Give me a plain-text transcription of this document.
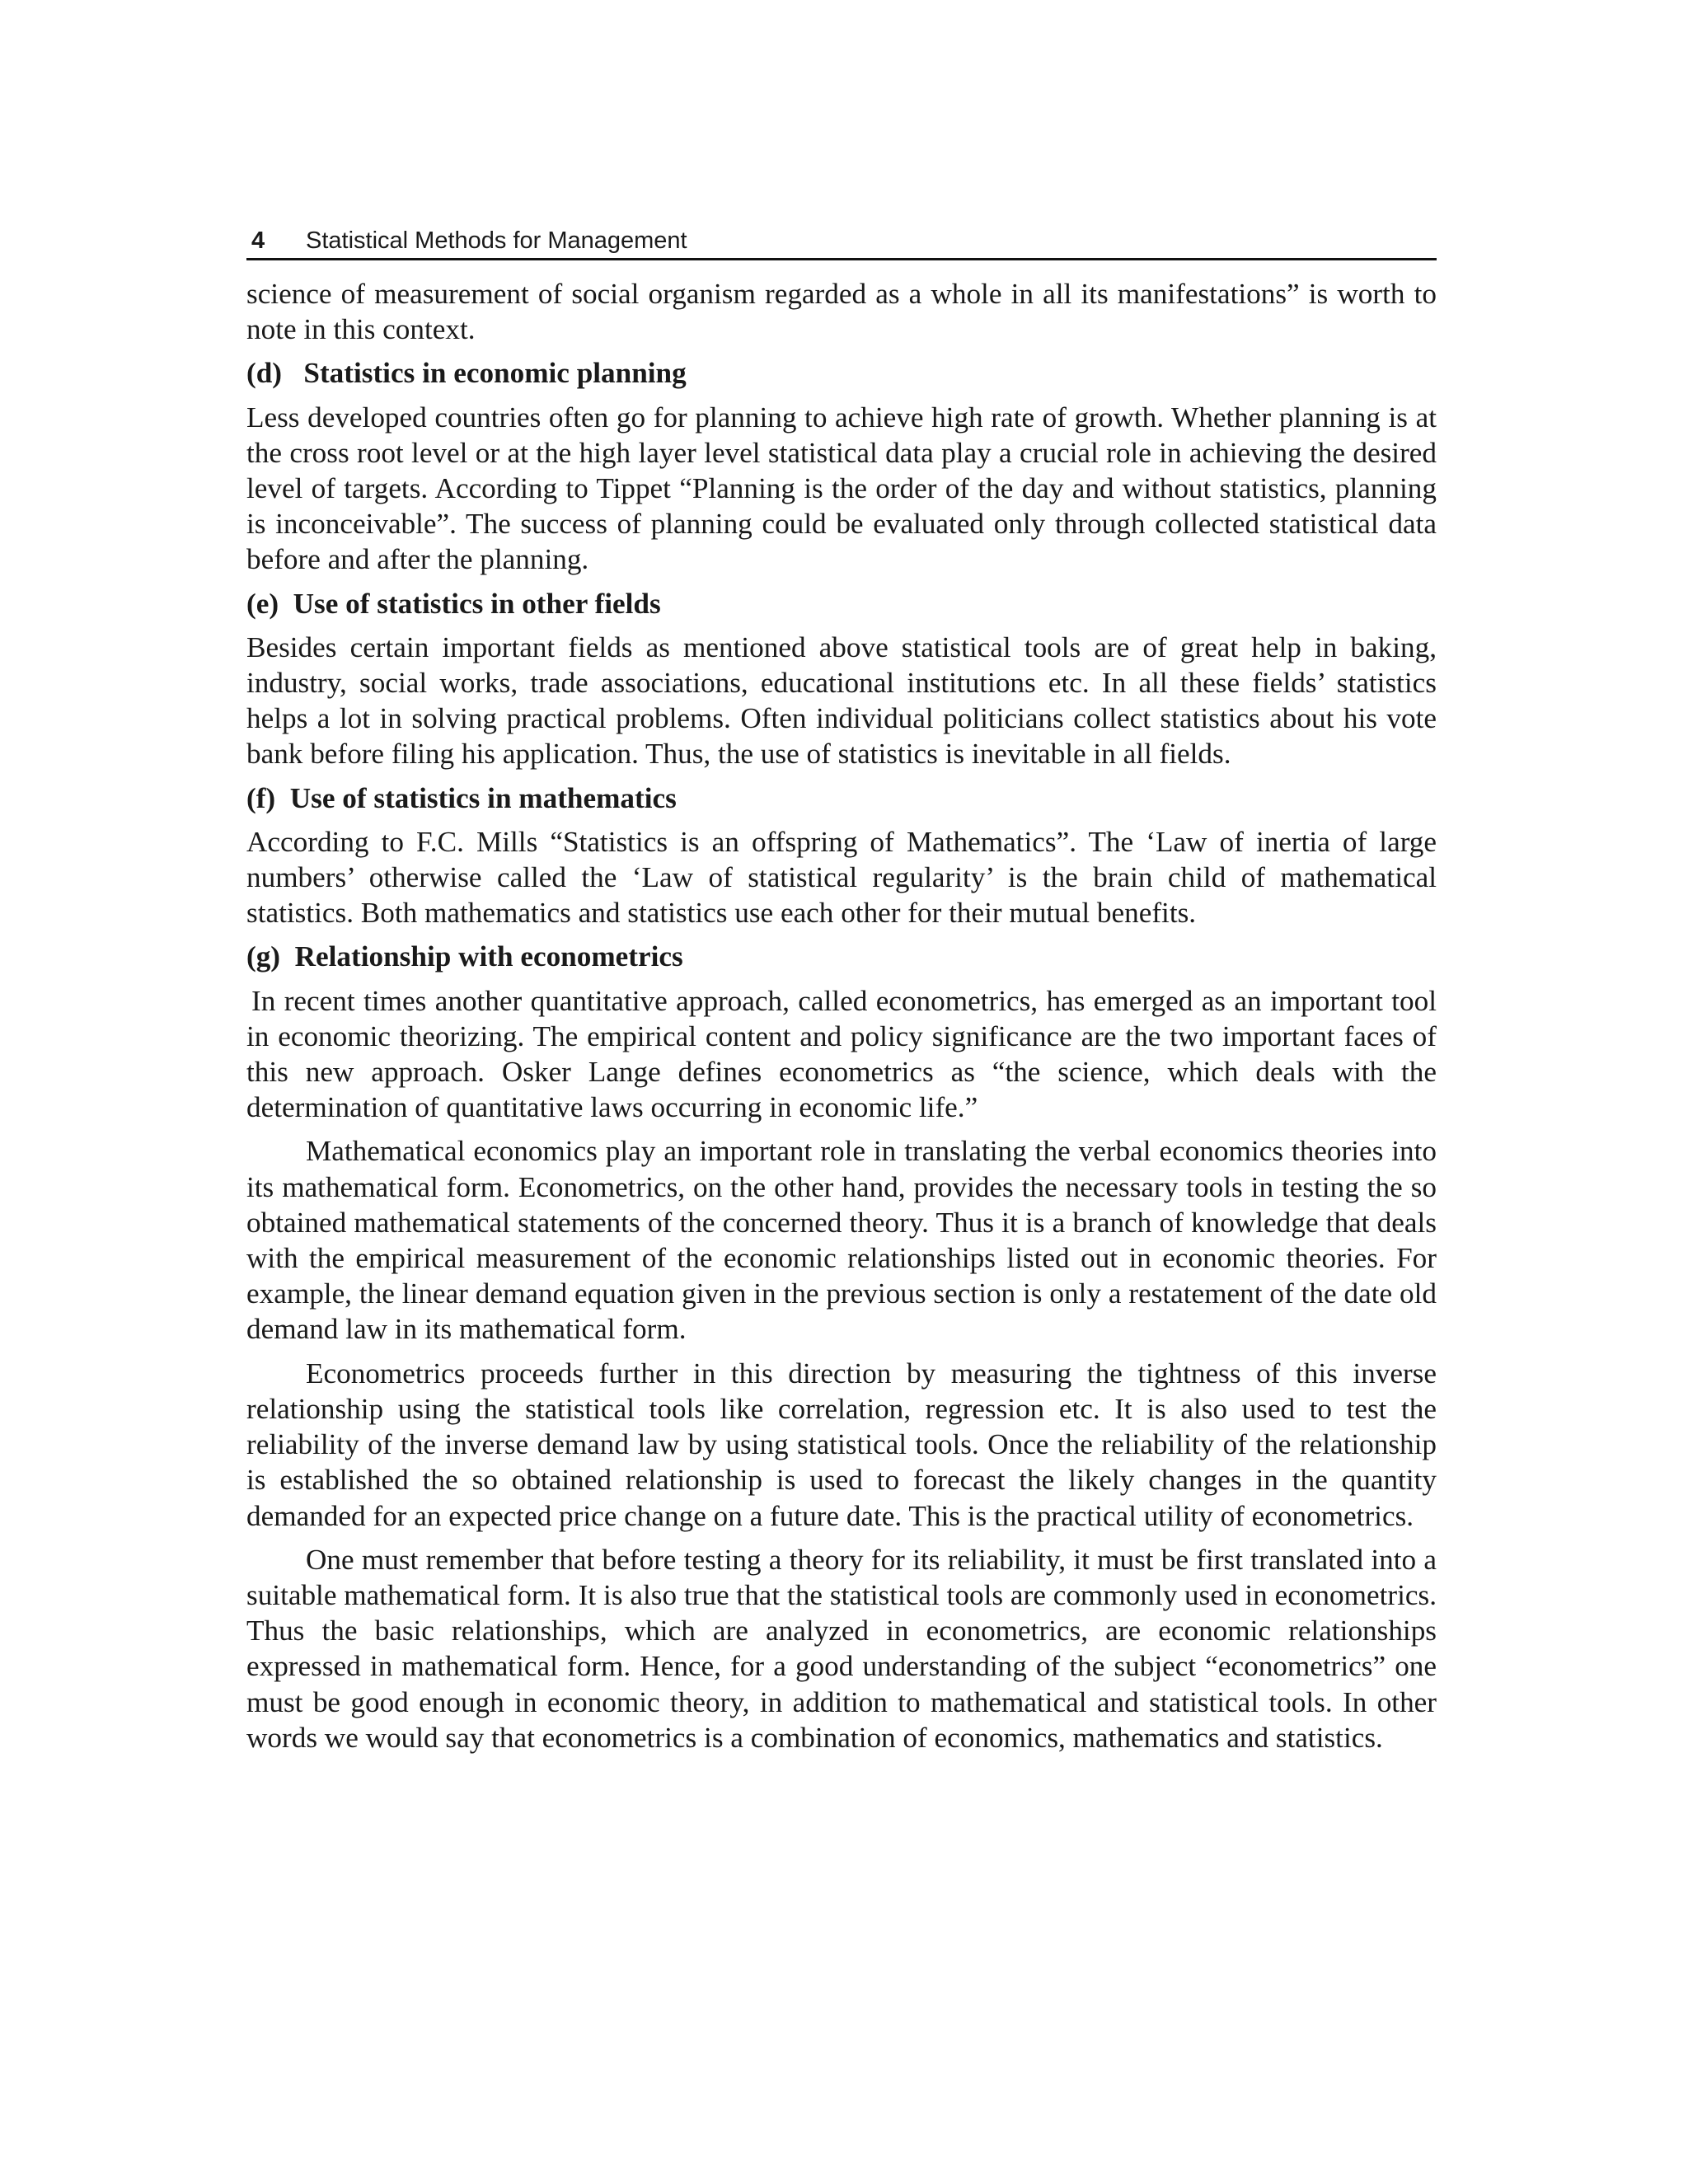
4	Statistical Methods for Management

science of measurement of social organism regarded as a whole in all its manifestations” is worth to note in this context.

(d)   Statistics in economic planning

Less developed countries often go for planning to achieve high rate of growth. Whether planning is at the cross root level or at the high layer level statistical data play a crucial role in achieving the desired level of targets. According to Tippet “Planning is the order of the day and without statistics, planning is inconceivable”. The success of planning could be evaluated only through collected statistical data before and after the planning.

(e)  Use of statistics in other fields

Besides certain important fields as mentioned above statistical tools are of great help in baking, industry, social works, trade associations, educational institutions etc. In all these fields’ statistics helps a lot in solving practical problems. Often individual politicians collect statistics about his vote bank before filing his application. Thus, the use of statistics is inevitable in all fields.

(f)  Use of statistics in mathematics

According to F.C. Mills “Statistics is an offspring of Mathematics”. The ‘Law of inertia of large numbers’ otherwise called the ‘Law of statistical regularity’ is the brain child of mathematical statistics. Both mathematics and statistics use each other for their mutual benefits.

(g)  Relationship with econometrics

In recent times another quantitative approach, called econometrics, has emerged as an important tool in economic theorizing. The empirical content and policy significance are the two important faces of this new approach. Osker Lange defines econometrics as “the science, which deals with the determination of quantitative laws occurring in economic life.”

Mathematical economics play an important role in translating the verbal economics theories into its mathematical form. Econometrics, on the other hand, provides the necessary tools in testing the so obtained mathematical statements of the concerned theory. Thus it is a branch of knowledge that deals with the empirical measurement of the economic relationships listed out in economic theories. For example, the linear demand equation given in the previous section is only a restatement of the date old demand law in its mathematical form.

Econometrics proceeds further in this direction by measuring the tightness of this inverse relationship using the statistical tools like correlation, regression etc. It is also used to test the reliability of the inverse demand law by using statistical tools. Once the reliability of the relationship is established the so obtained relationship is used to forecast the likely changes in the quantity demanded for an expected price change on a future date. This is the practical utility of econometrics.

One must remember that before testing a theory for its reliability, it must be first translated into a suitable mathematical form. It is also true that the statistical tools are commonly used in econometrics. Thus the basic relationships, which are analyzed in econometrics, are economic relationships expressed in mathematical form. Hence, for a good understanding of the subject “econometrics” one must be good enough in economic theory, in addition to mathematical and statistical tools. In other words we would say that econometrics is a combination of economics, mathematics and statistics.
